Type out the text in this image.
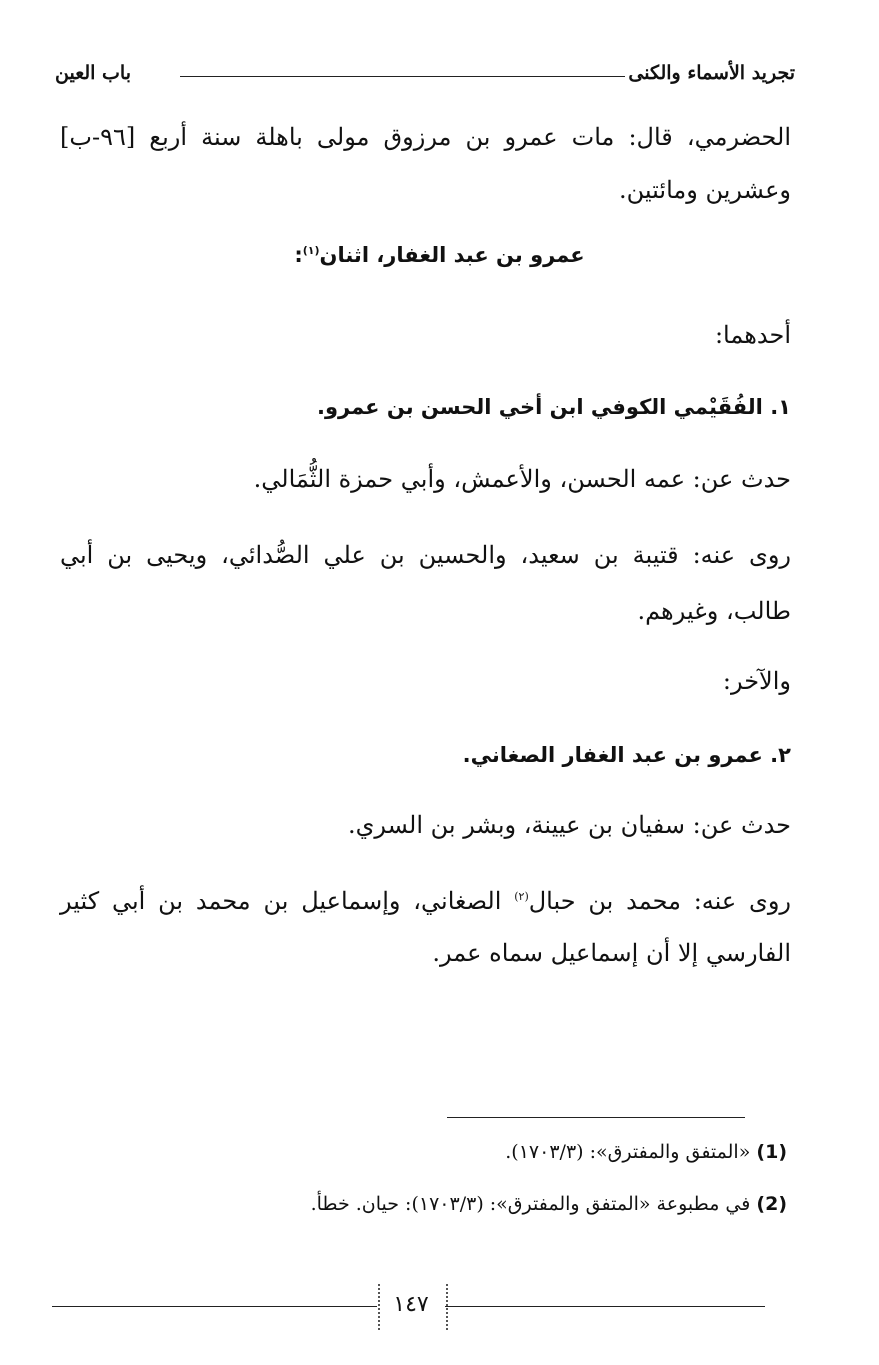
تجريد الأسماء والكنى
باب العين
الحضرمي، قال: مات عمرو بن مرزوق مولى باهلة سنة أربع [٩٦-ب]
وعشرين ومائتين.
عمرو بن عبد الغفار، اثنان$^{(١)}$:
أحدهما:
١. الفُقَيْمي الكوفي ابن أخي الحسن بن عمرو.
حدث عن: عمه الحسن، والأعمش، وأبي حمزة الثُّمَالي.
روى عنه: قتيبة بن سعيد، والحسين بن علي الصُّدائي، ويحيى بن أبي
طالب، وغيرهم.
والآخر:
٢. عمرو بن عبد الغفار الصغاني.
حدث عن: سفيان بن عيينة، وبشر بن السري.
روى عنه: محمد بن حبال$^{(٢)}$ الصغاني، وإسماعيل بن محمد بن أبي كثير
الفارسي إلا أن إسماعيل سماه عمر.
(1) «المتفق والمفترق»: (١٧٠٣/٣).
(2) في مطبوعة «المتفق والمفترق»: (١٧٠٣/٣): حيان. خطأ.
١٤٧
